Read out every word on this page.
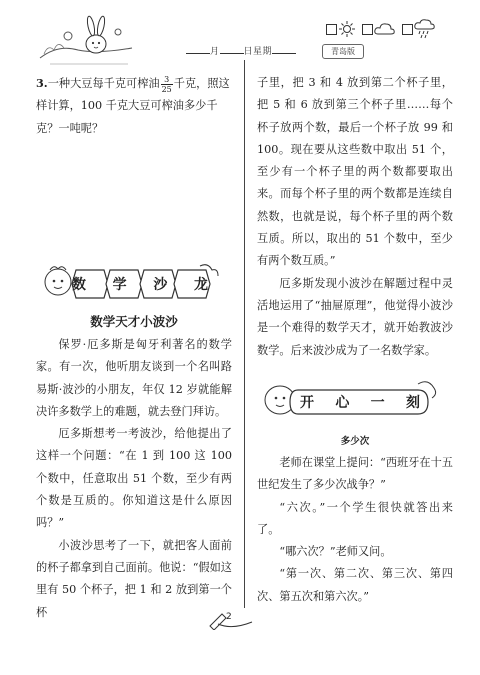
月	日星期	青岛版
3.一种大豆每千克可榨油 $\frac{3}{25}$ 千克，照这样计算，100 千克大豆可榨油多少千克？一吨呢？
数 学 沙 龙
数学天才小波沙

保罗·厄多斯是匈牙利著名的数学家。有一次，他听朋友谈到一个名叫路易斯·波沙的小朋友，年仅 12 岁就能解决许多数学上的难题，就去登门拜访。

厄多斯想考一考波沙，给他提出了这样一个问题：“在 1 到 100 这 100 个数中，任意取出 51 个数，至少有两个数是互质的。你知道这是什么原因吗？”

小波沙思考了一下，就把客人面前的杯子都拿到自己面前。他说：“假如这里有 50 个杯子，把 1 和 2 放到第一个杯

子里，把 3 和 4 放到第二个杯子里，把 5 和 6 放到第三个杯子里……每个杯子放两个数，最后一个杯子放 99 和 100。现在要从这些数中取出 51 个，至少有一个杯子里的两个数都要取出来。而每个杯子里的两个数都是连续自然数，也就是说，每个杯子里的两个数互质。所以，取出的 51 个数中，至少有两个数互质。”

厄多斯发现小波沙在解题过程中灵活地运用了“抽屉原理”，他觉得小波沙是一个难得的数学天才，就开始教波沙数学。后来波沙成为了一名数学家。

开 心 一 刻
多少次

老师在课堂上提问：“西班牙在十五世纪发生了多少次战争？”

“六次。”一个学生很快就答出来了。

“哪六次？”老师又问。

“第一次、第二次、第三次、第四次、第五次和第六次。”

2
